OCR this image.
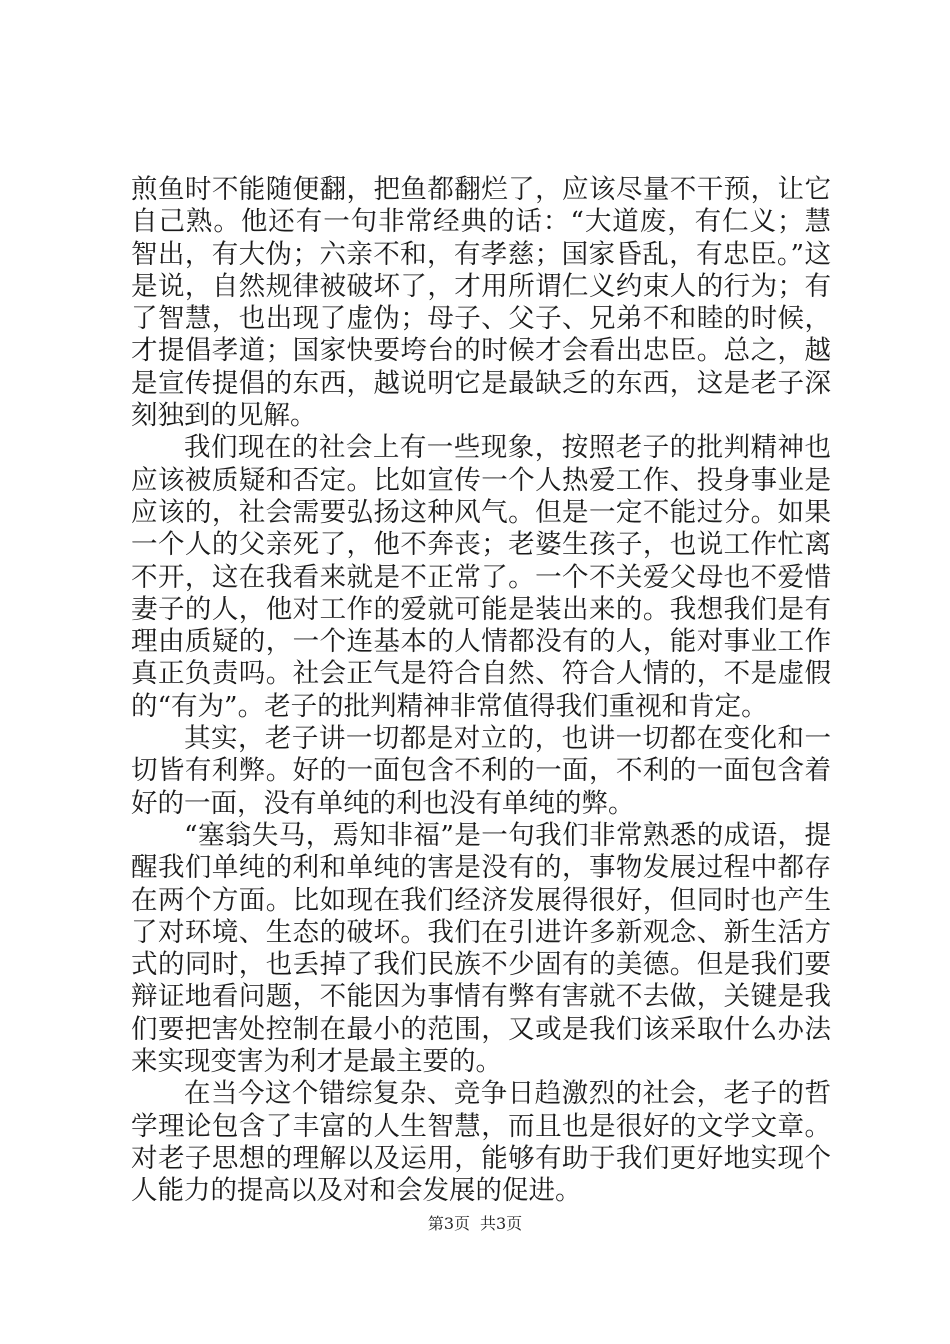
煎鱼时不能随便翻，把鱼都翻烂了，应该尽量不干预，让它自己熟。他还有一句非常经典的话：“大道废，有仁义；慧智出，有大伪；六亲不和，有孝慈；国家昏乱，有忠臣。”这是说，自然规律被破坏了，才用所谓仁义约束人的行为；有了智慧，也出现了虚伪；母子、父子、兄弟不和睦的时候，才提倡孝道；国家快要垮台的时候才会看出忠臣。总之，越是宣传提倡的东西，越说明它是最缺乏的东西，这是老子深刻独到的见解。

我们现在的社会上有一些现象，按照老子的批判精神也应该被质疑和否定。比如宣传一个人热爱工作、投身事业是应该的，社会需要弘扬这种风气。但是一定不能过分。如果一个人的父亲死了，他不奔丧；老婆生孩子，也说工作忙离不开，这在我看来就是不正常了。一个不关爱父母也不爱惜妻子的人，他对工作的爱就可能是装出来的。我想我们是有理由质疑的，一个连基本的人情都没有的人，能对事业工作真正负责吗。社会正气是符合自然、符合人情的，不是虚假的“有为”。老子的批判精神非常值得我们重视和肯定。

其实，老子讲一切都是对立的，也讲一切都在变化和一切皆有利弊。好的一面包含不利的一面，不利的一面包含着好的一面，没有单纯的利也没有单纯的弊。

“塞翁失马，焉知非福”是一句我们非常熟悉的成语，提醒我们单纯的利和单纯的害是没有的，事物发展过程中都存在两个方面。比如现在我们经济发展得很好，但同时也产生了对环境、生态的破坏。我们在引进许多新观念、新生活方式的同时，也丢掉了我们民族不少固有的美德。但是我们要辩证地看问题，不能因为事情有弊有害就不去做，关键是我们要把害处控制在最小的范围，又或是我们该采取什么办法来实现变害为利才是最主要的。

在当今这个错综复杂、竞争日趋激烈的社会，老子的哲学理论包含了丰富的人生智慧，而且也是很好的文学文章。对老子思想的理解以及运用，能够有助于我们更好地实现个人能力的提高以及对和会发展的促进。

第3页 共3页
